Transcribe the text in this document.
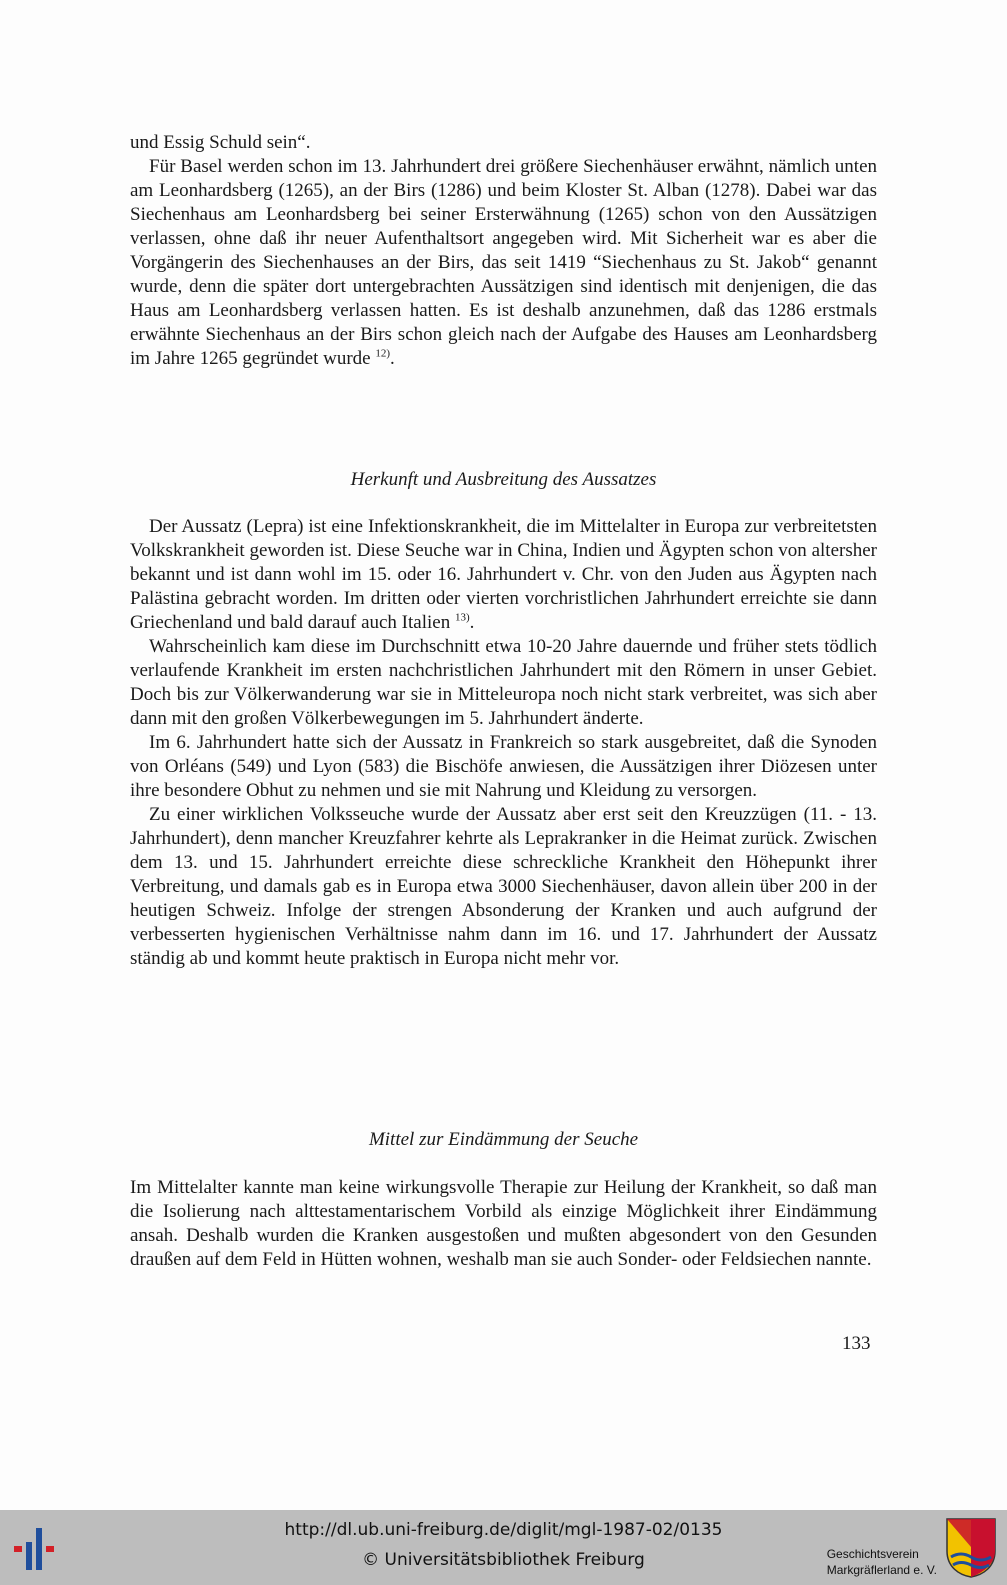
und Essig Schuld sein“.

Für Basel werden schon im 13. Jahrhundert drei größere Siechenhäuser erwähnt, nämlich unten am Leonhardsberg (1265), an der Birs (1286) und beim Kloster St. Alban (1278). Dabei war das Siechenhaus am Leonhardsberg bei seiner Ersterwähnung (1265) schon von den Aussätzigen verlassen, ohne daß ihr neuer Aufenthaltsort angegeben wird. Mit Sicherheit war es aber die Vorgängerin des Siechenhauses an der Birs, das seit 1419 “Siechenhaus zu St. Jakob“ genannt wurde, denn die später dort untergebrachten Aussätzigen sind identisch mit denjenigen, die das Haus am Leonhardsberg verlassen hatten. Es ist deshalb anzunehmen, daß das 1286 erstmals erwähnte Siechenhaus an der Birs schon gleich nach der Aufgabe des Hauses am Leonhardsberg im Jahre 1265 gegründet wurde $^{12)}$.

Herkunft und Ausbreitung des Aussatzes

Der Aussatz (Lepra) ist eine Infektionskrankheit, die im Mittelalter in Europa zur verbreitetsten Volkskrankheit geworden ist. Diese Seuche war in China, Indien und Ägypten schon von altersher bekannt und ist dann wohl im 15. oder 16. Jahrhundert v. Chr. von den Juden aus Ägypten nach Palästina gebracht worden. Im dritten oder vierten vorchristlichen Jahrhundert erreichte sie dann Griechenland und bald darauf auch Italien $^{13)}$.

Wahrscheinlich kam diese im Durchschnitt etwa 10-20 Jahre dauernde und früher stets tödlich verlaufende Krankheit im ersten nachchristlichen Jahrhundert mit den Römern in unser Gebiet. Doch bis zur Völkerwanderung war sie in Mitteleuropa noch nicht stark verbreitet, was sich aber dann mit den großen Völkerbewegungen im 5. Jahrhundert änderte.

Im 6. Jahrhundert hatte sich der Aussatz in Frankreich so stark ausgebreitet, daß die Synoden von Orléans (549) und Lyon (583) die Bischöfe anwiesen, die Aussätzigen ihrer Diözesen unter ihre besondere Obhut zu nehmen und sie mit Nahrung und Kleidung zu versorgen.

Zu einer wirklichen Volksseuche wurde der Aussatz aber erst seit den Kreuzzügen (11. - 13. Jahrhundert), denn mancher Kreuzfahrer kehrte als Leprakranker in die Heimat zurück. Zwischen dem 13. und 15. Jahrhundert erreichte diese schreckliche Krankheit den Höhepunkt ihrer Verbreitung, und damals gab es in Europa etwa 3000 Siechenhäuser, davon allein über 200 in der heutigen Schweiz. Infolge der strengen Absonderung der Kranken und auch aufgrund der verbesserten hygienischen Verhältnisse nahm dann im 16. und 17. Jahrhundert der Aussatz ständig ab und kommt heute praktisch in Europa nicht mehr vor.

Mittel zur Eindämmung der Seuche

Im Mittelalter kannte man keine wirkungsvolle Therapie zur Heilung der Krankheit, so daß man die Isolierung nach alttestamentarischem Vorbild als einzige Möglichkeit ihrer Eindämmung ansah. Deshalb wurden die Kranken ausgestoßen und mußten abgesondert von den Gesunden draußen auf dem Feld in Hütten wohnen, weshalb man sie auch Sonder- oder Feldsiechen nannte.

133
http://dl.ub.uni-freiburg.de/diglit/mgl-1987-02/0135
© Universitätsbibliothek Freiburg	Geschichtsverein
Markgräflerland e. V.
